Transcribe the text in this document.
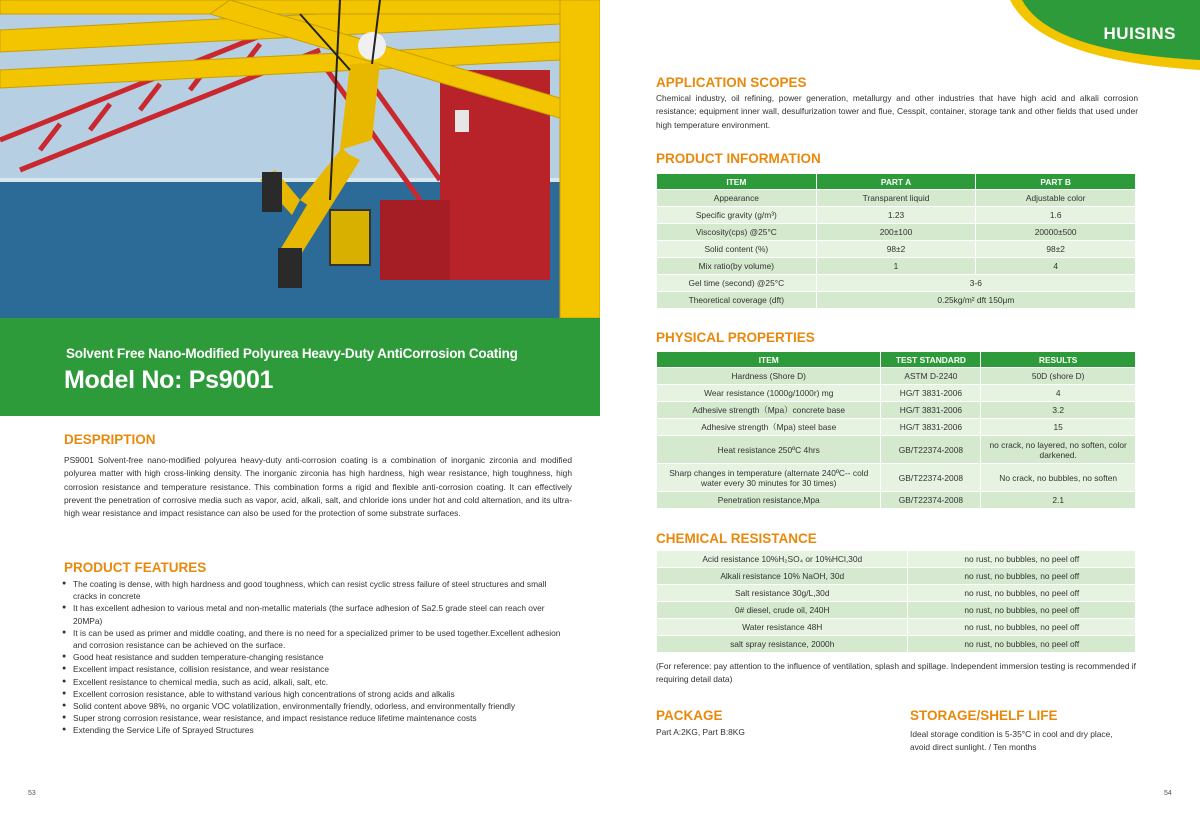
Solvent Free Nano-Modified Polyurea Heavy-Duty AntiCorrosion Coating
Model No: Ps9001
DESPRIPTION
PS9001 Solvent-free nano-modified polyurea heavy-duty anti-corrosion coating is a combination of inorganic zirconia and modified polyurea matter with high cross-linking density. The inorganic zirconia has high hardness, high wear resistance, high toughness, high corrosion resistance and temperature resistance. This combination forms a rigid and flexible anti-corrosion coating. It can effectively prevent the penetration of corrosive media such as vapor, acid, alkali, salt, and chloride ions under hot and cold alternation, and its ultra-high wear resistance and impact resistance can also be used for the protection of some substrate surfaces.
PRODUCT FEATURES
● The coating is dense, with high hardness and good toughness, which can resist cyclic stress failure of steel structures and small cracks in concrete
● It has excellent adhesion to various metal and non-metallic materials (the surface adhesion of Sa2.5 grade steel can reach over 20MPa)
● It is can be used as primer and middle coating, and there is no need for a specialized primer to be used together.Excellent adhesion and corrosion resistance can be achieved on the surface.
● Good heat resistance and sudden temperature-changing resistance
● Excellent impact resistance, collision resistance, and wear resistance
● Excellent resistance to chemical media, such as acid, alkali, salt, etc.
● Excellent corrosion resistance, able to withstand various high concentrations of strong acids and alkalis
● Solid content above 98%, no organic VOC volatilization, environmentally friendly, odorless, and environmentally friendly
● Super strong corrosion resistance, wear resistance, and impact resistance reduce lifetime maintenance costs
● Extending the Service Life of Sprayed Structures
53
HUISINS
APPLICATION SCOPES
Chemical industry, oil refining, power generation, metallurgy and other industries that have high acid and alkali corrosion resistance; equipment inner wall, desulfurization tower and flue, Cesspit, container, storage tank and other fields that used under high temperature environment.
PRODUCT INFORMATION
ITEM	PART A	PART B
Appearance	Transparent liquid	Adjustable color
Specific gravity (g/m³)	1.23	1.6
Viscosity(cps) @25°C	200±100	20000±500
Solid content (%)	98±2	98±2
Mix ratio(by volume)	1	4
Gel time (second) @25°C	3-6	
Theoretical coverage (dft)	0.25kg/m² dft 150μm	
PHYSICAL PROPERTIES
ITEM	TEST STANDARD	RESULTS
Hardness (Shore D)	ASTM D-2240	50D (shore D)
Wear resistance (1000g/1000r) mg	HG/T 3831-2006	4
Adhesive strength（Mpa）concrete base	HG/T 3831-2006	3.2
Adhesive strength（Mpa) steel base	HG/T 3831-2006	15
Heat resistance 250ºC 4hrs	GB/T22374-2008	no crack, no layered, no soften, color darkened.
Sharp changes in temperature (alternate 240ºC-- cold water every 30 minutes for 30 times)	GB/T22374-2008	No crack, no bubbles, no soften
Penetration resistance,Mpa	GB/T22374-2008	2.1
CHEMICAL RESISTANCE
Acid resistance 10%H₂SO₄ or 10%HCl,30d	no rust, no bubbles, no peel off
Alkali resistance 10% NaOH, 30d	no rust, no bubbles, no peel off
Salt resistance 30g/L,30d	no rust, no bubbles, no peel off
0# diesel, crude oil, 240H	no rust, no bubbles, no peel off
Water resistance 48H	no rust, no bubbles, no peel off
salt spray resistance, 2000h	no rust, no bubbles, no peel off
(For reference: pay attention to the influence of ventilation, splash and spillage. Independent immersion testing is recommended if requiring detail data)
PACKAGE
Part A:2KG, Part B:8KG
STORAGE/SHELF LIFE
Ideal storage condition is 5-35°C in cool and dry place, avoid direct sunlight. / Ten months
54
